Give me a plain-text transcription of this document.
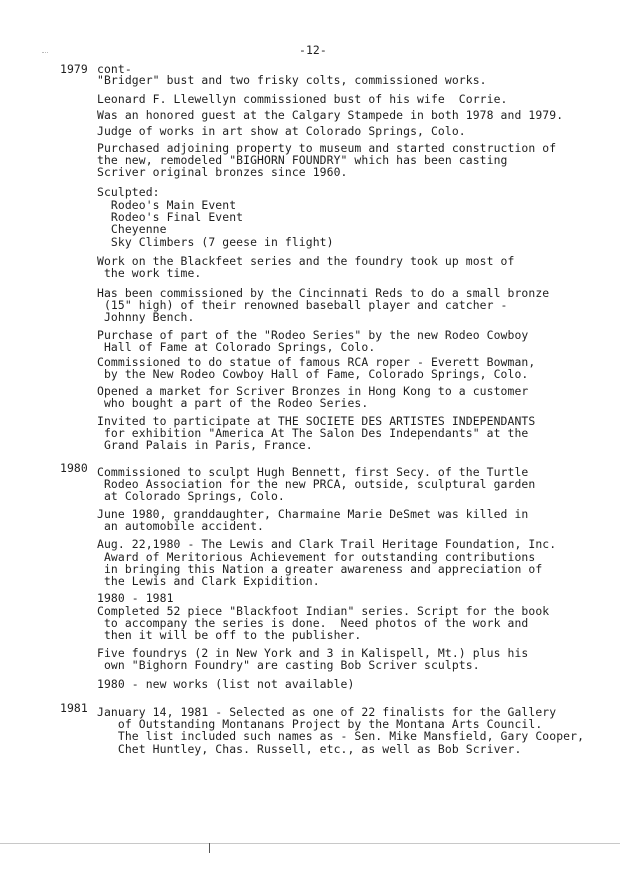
-12-
1979
1980
1981
cont-
"Bridger" bust and two frisky colts, commissioned works.
Leonard F. Llewellyn commissioned bust of his wife  Corrie.
Was an honored guest at the Calgary Stampede in both 1978 and 1979.
Judge of works in art show at Colorado Springs, Colo.
Purchased adjoining property to museum and started construction of
the new, remodeled "BIGHORN FOUNDRY" which has been casting
Scriver original bronzes since 1960.
Sculpted:
Rodeo's Main Event
Rodeo's Final Event
Cheyenne
Sky Climbers (7 geese in flight)
Work on the Blackfeet series and the foundry took up most of
the work time.
Has been commissioned by the Cincinnati Reds to do a small bronze
(15" high) of their renowned baseball player and catcher -
Johnny Bench.
Purchase of part of the "Rodeo Series" by the new Rodeo Cowboy
Hall of Fame at Colorado Springs, Colo.
Commissioned to do statue of famous RCA roper - Everett Bowman,
by the New Rodeo Cowboy Hall of Fame, Colorado Springs, Colo.
Opened a market for Scriver Bronzes in Hong Kong to a customer
who bought a part of the Rodeo Series.
Invited to participate at THE SOCIETE DES ARTISTES INDEPENDANTS
for exhibition "America At The Salon Des Independants" at the
Grand Palais in Paris, France.
Commissioned to sculpt Hugh Bennett, first Secy. of the Turtle
Rodeo Association for the new PRCA, outside, sculptural garden
at Colorado Springs, Colo.
June 1980, granddaughter, Charmaine Marie DeSmet was killed in
an automobile accident.
Aug. 22,1980 - The Lewis and Clark Trail Heritage Foundation, Inc.
Award of Meritorious Achievement for outstanding contributions
in bringing this Nation a greater awareness and appreciation of
the Lewis and Clark Expidition.
1980 - 1981
Completed 52 piece "Blackfoot Indian" series. Script for the book
to accompany the series is done.  Need photos of the work and
then it will be off to the publisher.
Five foundrys (2 in New York and 3 in Kalispell, Mt.) plus his
own "Bighorn Foundry" are casting Bob Scriver sculpts.
1980 - new works (list not available)
January 14, 1981 - Selected as one of 22 finalists for the Gallery
of Outstanding Montanans Project by the Montana Arts Council.
The list included such names as - Sen. Mike Mansfield, Gary Cooper,
Chet Huntley, Chas. Russell, etc., as well as Bob Scriver.
